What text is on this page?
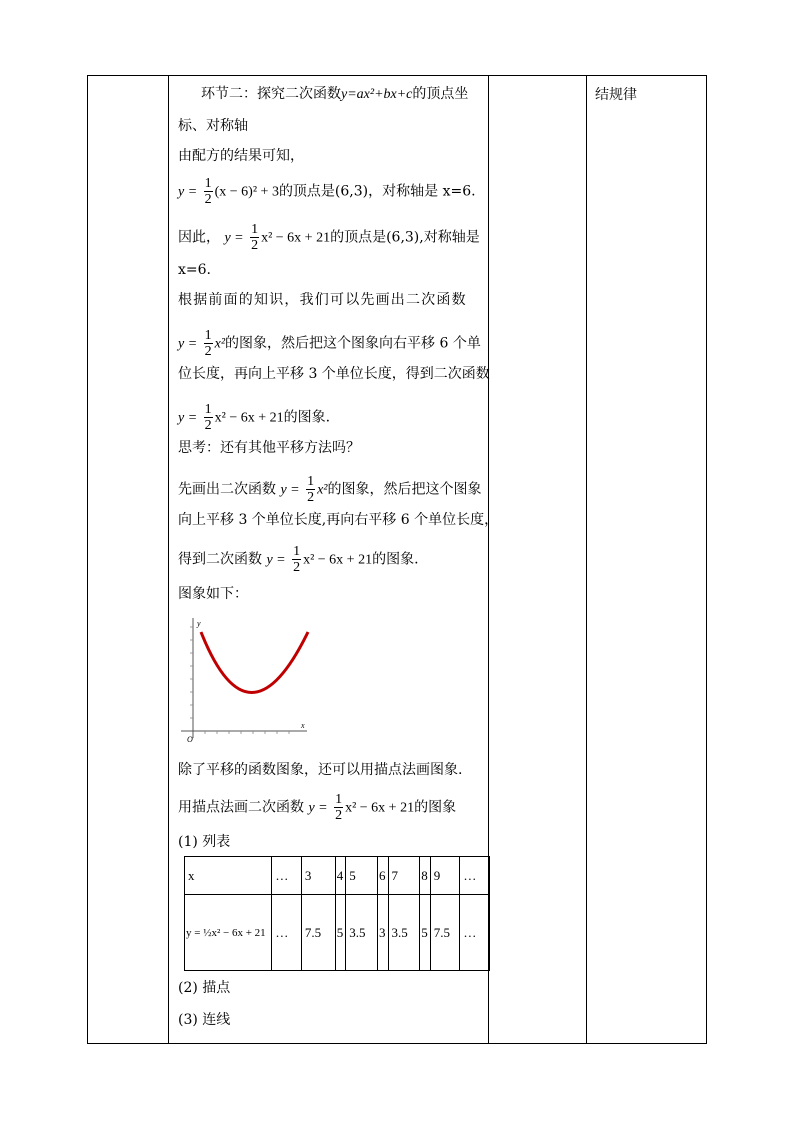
结规律
环节二：探究二次函数y=ax²+bx+c的顶点坐
标、对称轴
由配方的结果可知，
$y = \frac{1}{2} (x - 6)^2 + 3$的顶点是(6,3)，对称轴是 x=6.
因此， $y = \frac{1}{2} x^2 - 6x + 21$的顶点是(6,3),对称轴是
x=6.
根据前面的知识，我们可以先画出二次函数
$y = \frac{1}{2} x^2$的图象，然后把这个图象向右平移 6 个单
位长度，再向上平移 3 个单位长度，得到二次函数
$y = \frac{1}{2} x^2 - 6x + 21$的图象.
思考：还有其他平移方法吗？
先画出二次函数 $y = \frac{1}{2} x^2$的图象，然后把这个图象
向上平移 3 个单位长度,再向右平移 6 个单位长度，
得到二次函数 $y = \frac{1}{2} x^2 - 6x + 21$的图象.
图象如下：
y
x
O
除了平移的函数图象，还可以用描点法画图象.
用描点法画二次函数 $y = \frac{1}{2} x^2 - 6x + 21$的图象
(1) 列表
(2) 描点
(3) 连线
x	…	3	4	5	6	7	8	9	…
y = ½x² − 6x + 21	…	7.5	5	3.5	3	3.5	5	7.5	…
